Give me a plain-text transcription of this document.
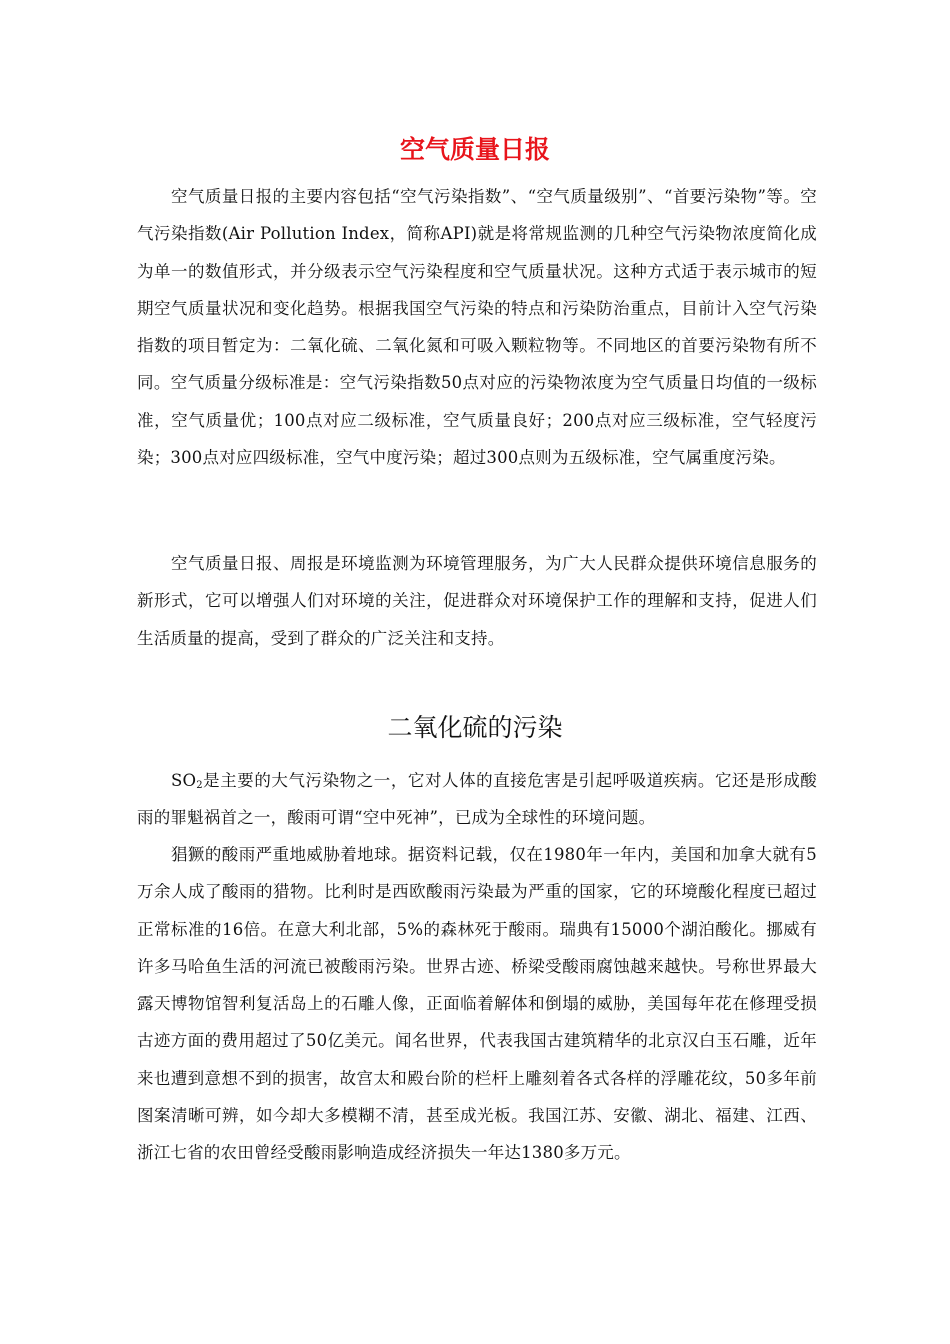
空气质量日报

空气质量日报的主要内容包括“空气污染指数”、“空气质量级别”、“首要污染物”等。空气污染指数(Air Pollution Index，简称API)就是将常规监测的几种空气污染物浓度简化成为单一的数值形式，并分级表示空气污染程度和空气质量状况。这种方式适于表示城市的短期空气质量状况和变化趋势。根据我国空气污染的特点和污染防治重点，目前计入空气污染指数的项目暂定为：二氧化硫、二氧化氮和可吸入颗粒物等。不同地区的首要污染物有所不同。空气质量分级标准是：空气污染指数50点对应的污染物浓度为空气质量日均值的一级标准，空气质量优；100点对应二级标准，空气质量良好；200点对应三级标准，空气轻度污染；300点对应四级标准，空气中度污染；超过300点则为五级标准，空气属重度污染。

空气质量日报、周报是环境监测为环境管理服务，为广大人民群众提供环境信息服务的新形式，它可以增强人们对环境的关注，促进群众对环境保护工作的理解和支持，促进人们生活质量的提高，受到了群众的广泛关注和支持。

二氧化硫的污染

$SO_2$是主要的大气污染物之一，它对人体的直接危害是引起呼吸道疾病。它还是形成酸雨的罪魁祸首之一，酸雨可谓“空中死神”，已成为全球性的环境问题。

猖獗的酸雨严重地威胁着地球。据资料记载，仅在1980年一年内，美国和加拿大就有5万余人成了酸雨的猎物。比利时是西欧酸雨污染最为严重的国家，它的环境酸化程度已超过正常标准的16倍。在意大利北部，5%的森林死于酸雨。瑞典有15000个湖泊酸化。挪威有许多马哈鱼生活的河流已被酸雨污染。世界古迹、桥梁受酸雨腐蚀越来越快。号称世界最大露天博物馆智利复活岛上的石雕人像，正面临着解体和倒塌的威胁，美国每年花在修理受损古迹方面的费用超过了50亿美元。闻名世界，代表我国古建筑精华的北京汉白玉石雕，近年来也遭到意想不到的损害，故宫太和殿台阶的栏杆上雕刻着各式各样的浮雕花纹，50多年前图案清晰可辨，如今却大多模糊不清，甚至成光板。我国江苏、安徽、湖北、福建、江西、浙江七省的农田曾经受酸雨影响造成经济损失一年达1380多万元。
